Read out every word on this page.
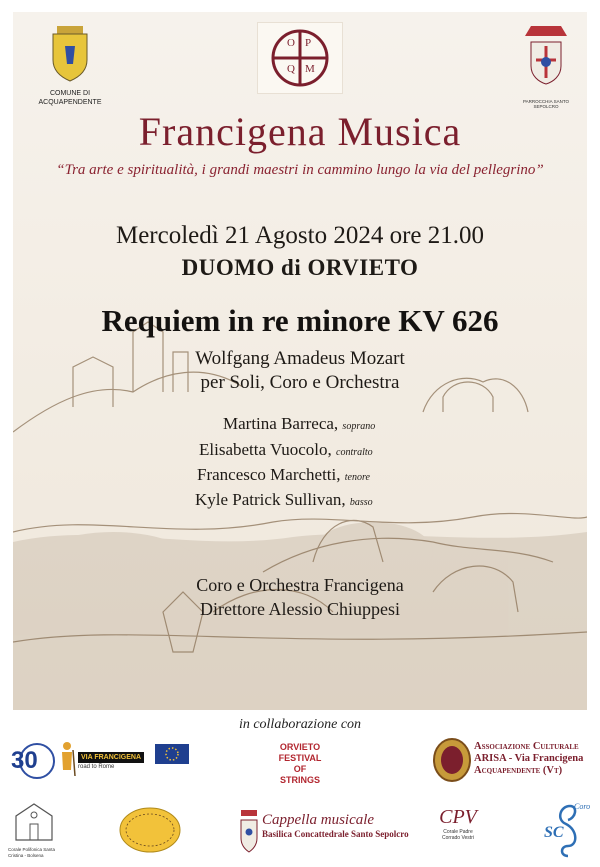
COMUNE DI
ACQUAPENDENTE
O P
Q M
PARROCCHIA SANTO SEPOLCRO
Francigena Musica
“Tra arte e spiritualità, i grandi maestri in cammino lungo la via del pellegrino”
Mercoledì 21 Agosto 2024 ore 21.00
DUOMO di ORVIETO
Requiem in re minore KV 626
Wolfgang Amadeus Mozart
per Soli, Coro e Orchestra
Martina Barreca, soprano
Elisabetta Vuocolo, contralto
Francesco Marchetti, tenore
Kyle Patrick Sullivan, basso
Coro e Orchestra Francigena
Direttore Alessio Chiuppesi
in collaborazione con
30	VIA FRANCIGENA
road to Rome
ORVIETO
FESTIVAL
OF
STRINGS
Associazione Culturale
ARISA - Via Francigena
Acquapendente (Vt)
Corale Polifonica Santa Cristina - Bolsena
Cappella musicale
Basilica Concattedrale Santo Sepolcro
CPV
Corale Padre
Corrado Vestri
Coro
SC
